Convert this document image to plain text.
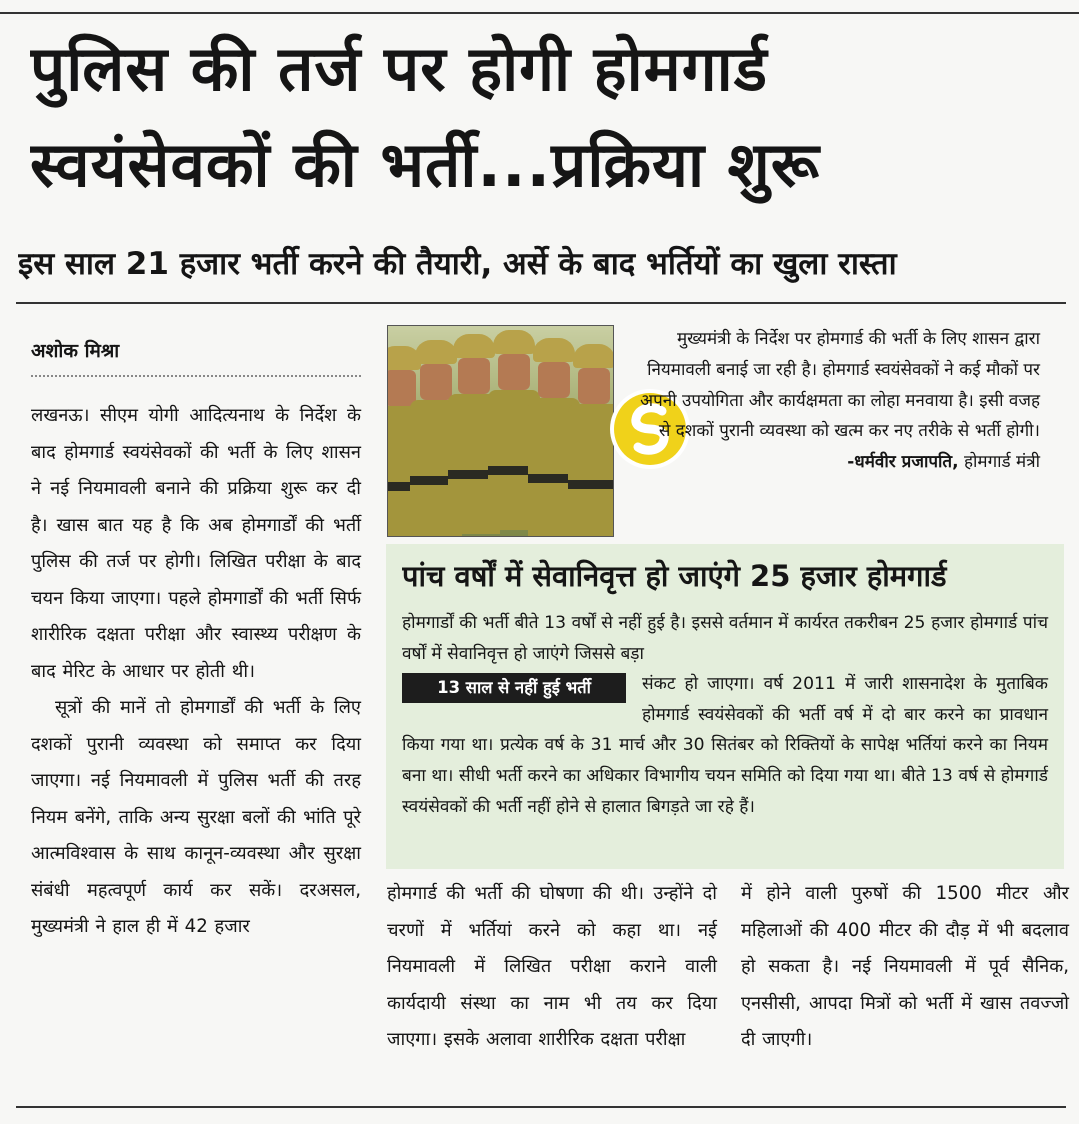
पुलिस की तर्ज पर होगी होमगार्ड
स्वयंसेवकों की भर्ती...प्रक्रिया शुरू
इस साल 21 हजार भर्ती करने की तैयारी, अर्से के बाद भर्तियों का खुला रास्ता
अशोक मिश्रा

लखनऊ। सीएम योगी आदित्यनाथ के निर्देश के बाद होमगार्ड स्वयंसेवकों की भर्ती के लिए शासन ने नई नियमावली बनाने की प्रक्रिया शुरू कर दी है। खास बात यह है कि अब होमगार्डों की भर्ती पुलिस की तर्ज पर होगी। लिखित परीक्षा के बाद चयन किया जाएगा। पहले होमगार्डों की भर्ती सिर्फ शारीरिक दक्षता परीक्षा और स्वास्थ्य परीक्षण के बाद मेरिट के आधार पर होती थी।

सूत्रों की मानें तो होमगार्डों की भर्ती के लिए दशकों पुरानी व्यवस्था को समाप्त कर दिया जाएगा। नई नियमावली में पुलिस भर्ती की तरह नियम बनेंगे, ताकि अन्य सुरक्षा बलों की भांति पूरे आत्मविश्वास के साथ कानून-व्यवस्था और सुरक्षा संबंधी महत्वपूर्ण कार्य कर सकें। दरअसल, मुख्यमंत्री ने हाल ही में 42 हजार

मुख्यमंत्री के निर्देश पर होमगार्ड की भर्ती के लिए शासन द्वारा नियमावली बनाई जा रही है। होमगार्ड स्वयंसेवकों ने कई मौकों पर अपनी उपयोगिता और कार्यक्षमता का लोहा मनवाया है। इसी वजह से दशकों पुरानी व्यवस्था को खत्म कर नए तरीके से भर्ती होगी। -धर्मवीर प्रजापति, होमगार्ड मंत्री
पांच वर्षों में सेवानिवृत्त हो जाएंगे 25 हजार होमगार्ड

होमगार्डों की भर्ती बीते 13 वर्षों से नहीं हुई है। इससे वर्तमान में कार्यरत तकरीबन 25 हजार होमगार्ड पांच वर्षों में सेवानिवृत्त हो जाएंगे जिससे बड़ा

13 साल से नहीं हुई भर्ती	संकट हो जाएगा। वर्ष 2011 में जारी शासनादेश के मुताबिक होमगार्ड स्वयंसेवकों की भर्ती वर्ष में दो बार करने का प्रावधान किया गया था। प्रत्येक वर्ष के 31 मार्च और 30 सितंबर को रिक्तियों के सापेक्ष भर्तियां करने का नियम बना था। सीधी भर्ती करने का अधिकार विभागीय चयन समिति को दिया गया था। बीते 13 वर्ष से होमगार्ड स्वयंसेवकों की भर्ती नहीं होने से हालात बिगड़ते जा रहे हैं।

होमगार्ड की भर्ती की घोषणा की थी। उन्होंने दो चरणों में भर्तियां करने को कहा था। नई नियमावली में लिखित परीक्षा कराने वाली कार्यदायी संस्था का नाम भी तय कर दिया जाएगा। इसके अलावा शारीरिक दक्षता परीक्षा

में होने वाली पुरुषों की 1500 मीटर और महिलाओं की 400 मीटर की दौड़ में भी बदलाव हो सकता है। नई नियमावली में पूर्व सैनिक, एनसीसी, आपदा मित्रों को भर्ती में खास तवज्जो दी जाएगी।
